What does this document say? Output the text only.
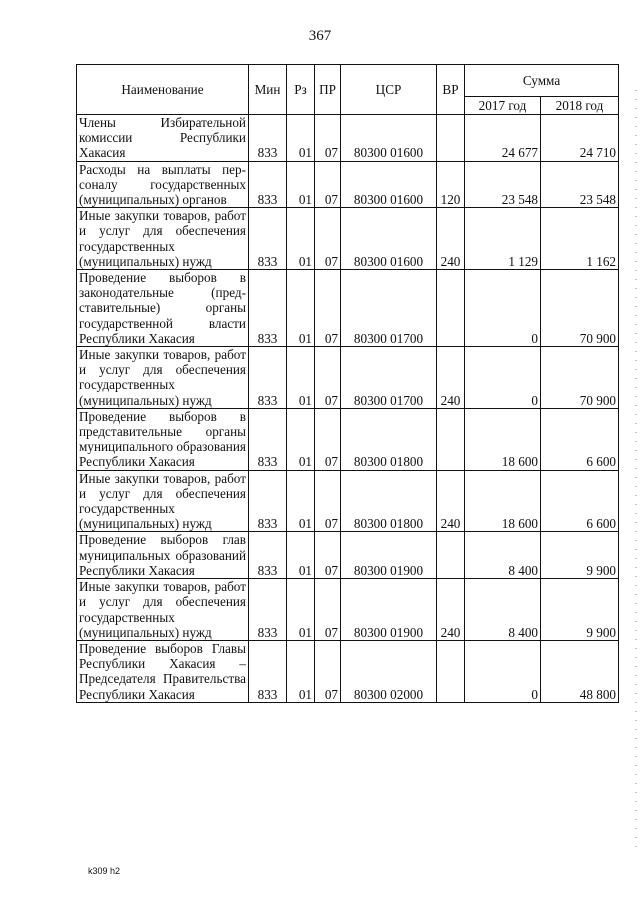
367
Наименование	Мин	Рз	ПР	ЦСР	ВР	Сумма	
						2017 год	2018 год
Члены Избирательной комиссии Республики Хакасия	833	01	07	80300 01600		24 677	24 710
Расходы на выплаты персоналу государственных (муниципальных) органов	833	01	07	80300 01600	120	23 548	23 548
Иные закупки товаров, работ и услуг для обеспечения государственных (муниципальных) нужд	833	01	07	80300 01600	240	1 129	1 162
Проведение выборов в законодательные (представительные) органы государственной власти Республики Хакасия	833	01	07	80300 01700		0	70 900
Иные закупки товаров, работ и услуг для обеспечения государственных (муниципальных) нужд	833	01	07	80300 01700	240	0	70 900
Проведение выборов в представительные органы муниципального образования Республики Хакасия	833	01	07	80300 01800		18 600	6 600
Иные закупки товаров, работ и услуг для обеспечения государственных (муниципальных) нужд	833	01	07	80300 01800	240	18 600	6 600
Проведение выборов глав муниципальных образований Республики Хакасия	833	01	07	80300 01900		8 400	9 900
Иные закупки товаров, работ и услуг для обеспечения государственных (муниципальных) нужд	833	01	07	80300 01900	240	8 400	9 900
Проведение выборов Главы Республики Хакасия – Председателя Правительства Республики Хакасия	833	01	07	80300 02000		0	48 800
k309 h2
